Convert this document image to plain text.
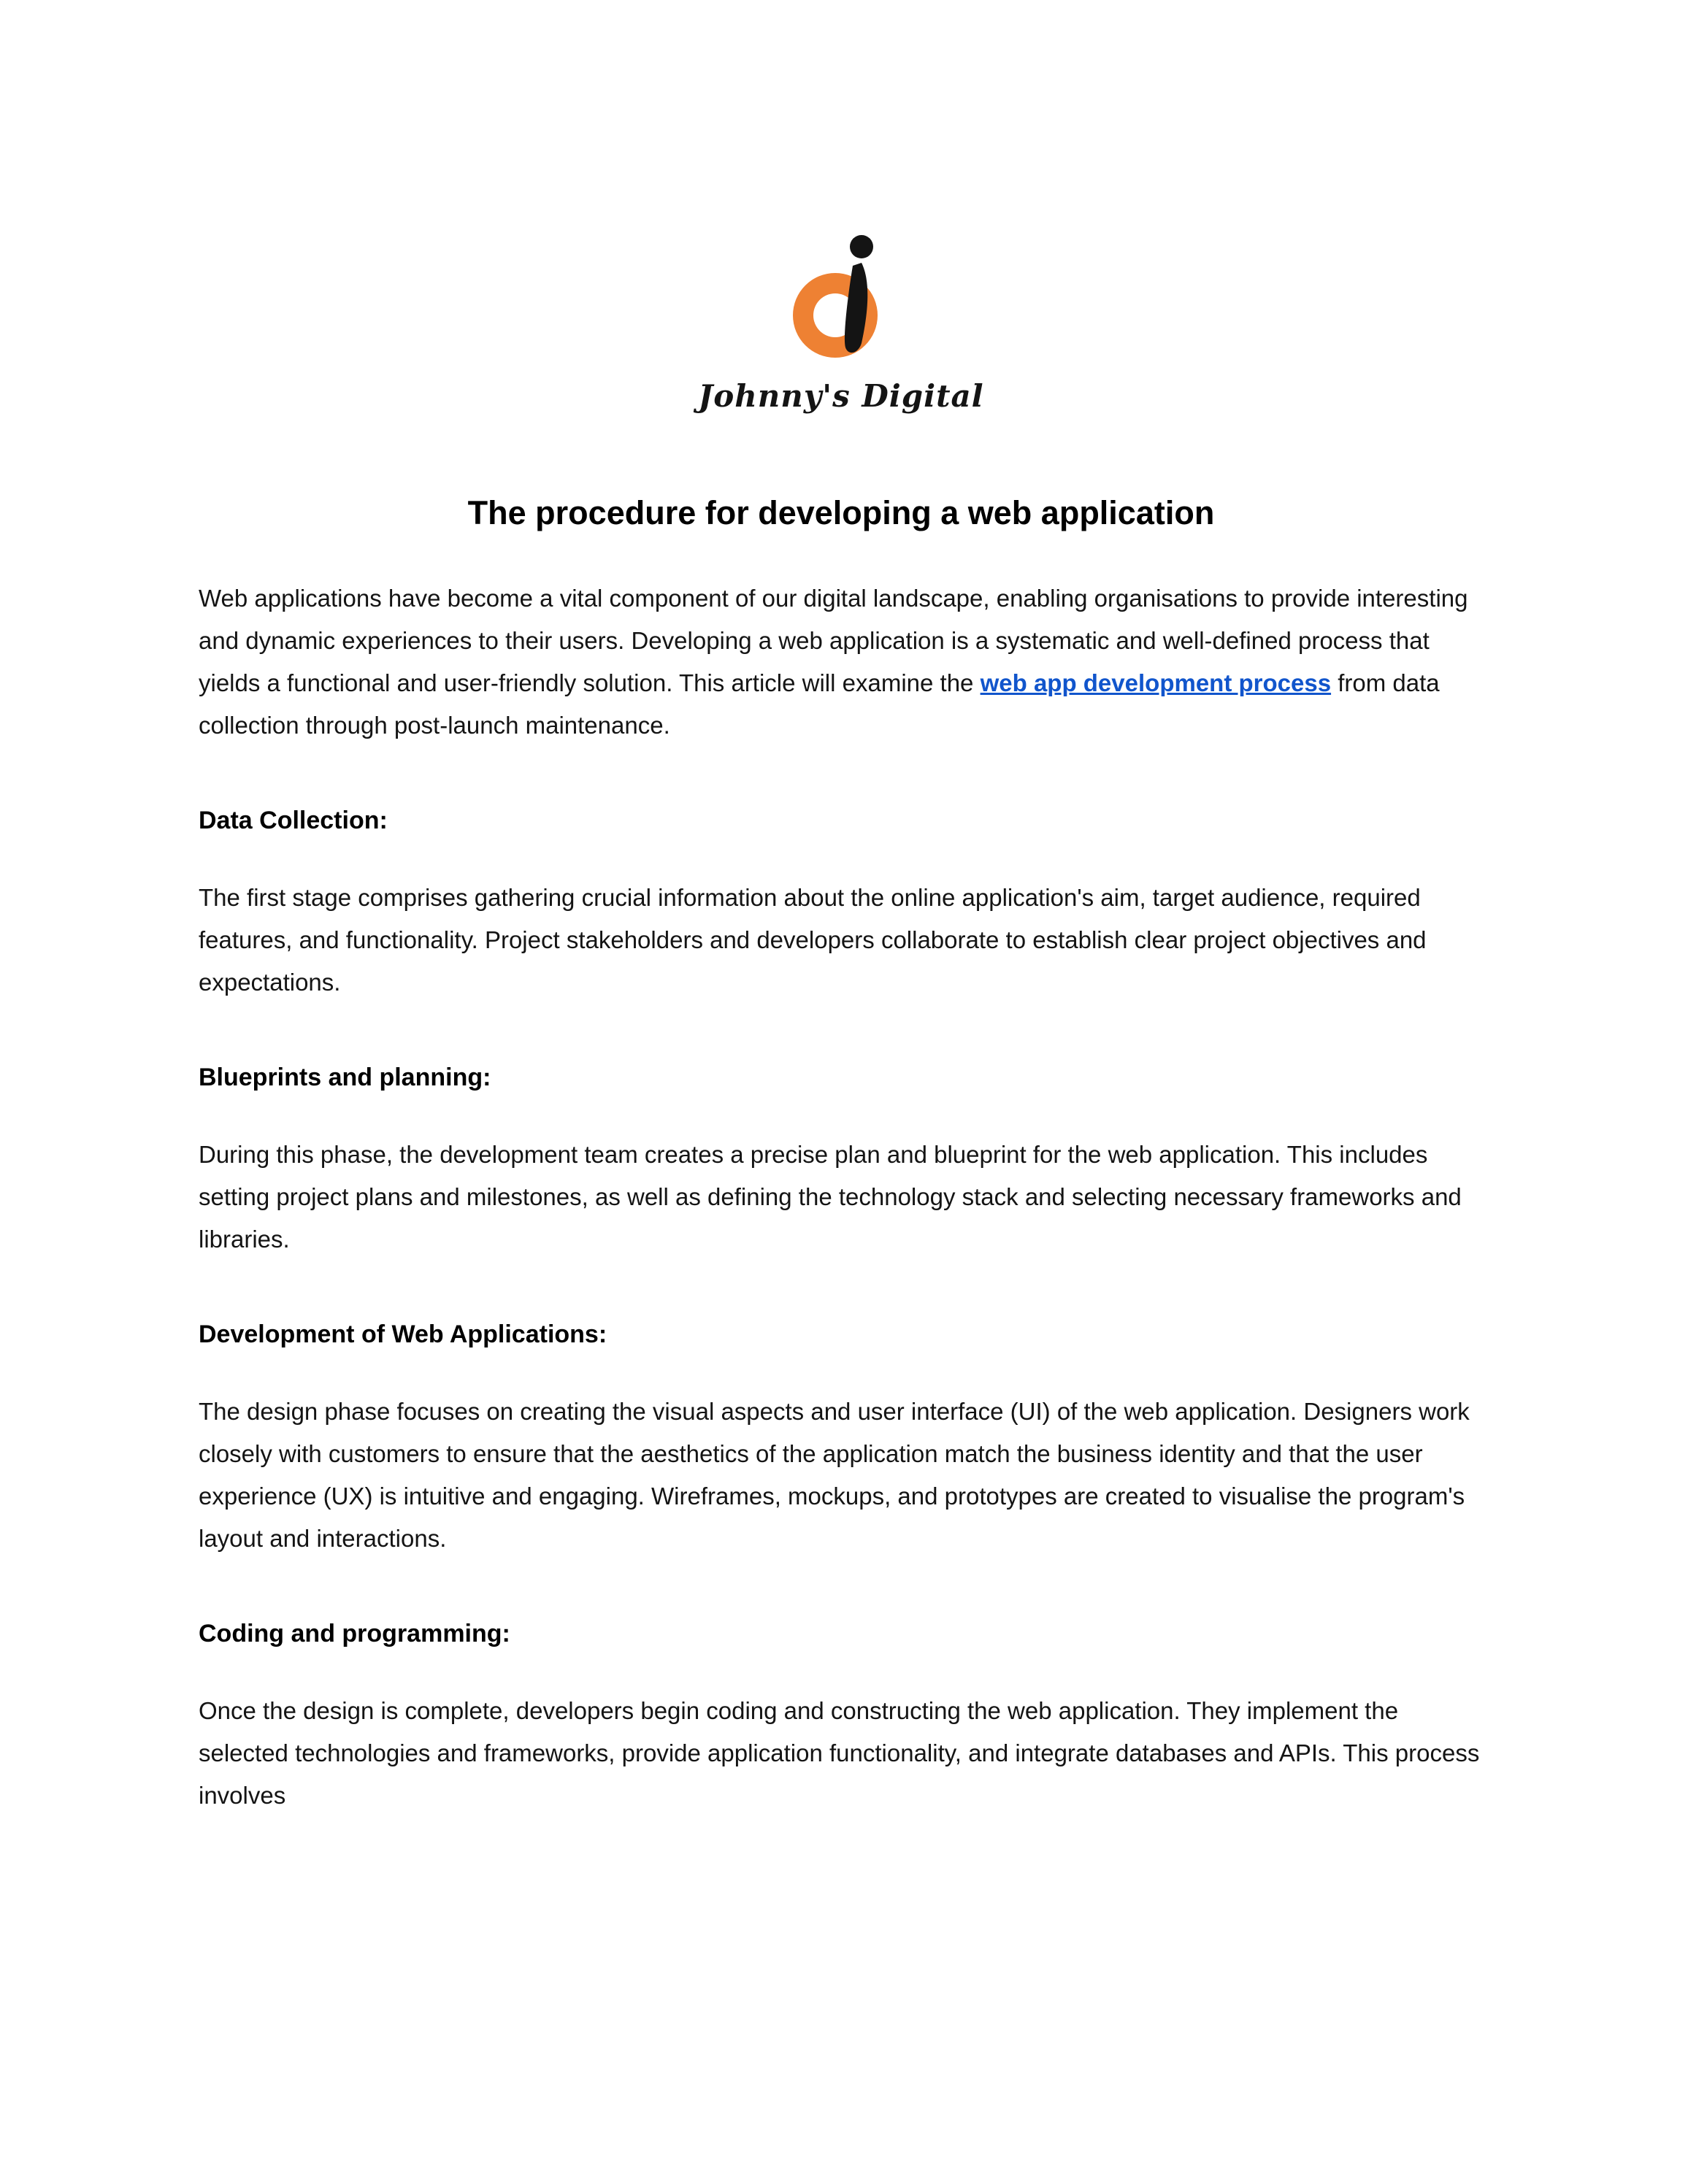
Johnny's Digital
The procedure for developing a web application

Web applications have become a vital component of our digital landscape, enabling organisations to provide interesting and dynamic experiences to their users. Developing a web application is a systematic and well-defined process that yields a functional and user-friendly solution. This article will examine the web app development process from data collection through post-launch maintenance.

Data Collection:

The first stage comprises gathering crucial information about the online application's aim, target audience, required features, and functionality. Project stakeholders and developers collaborate to establish clear project objectives and expectations.

Blueprints and planning:

During this phase, the development team creates a precise plan and blueprint for the web application. This includes setting project plans and milestones, as well as defining the technology stack and selecting necessary frameworks and libraries.

Development of Web Applications:

The design phase focuses on creating the visual aspects and user interface (UI) of the web application. Designers work closely with customers to ensure that the aesthetics of the application match the business identity and that the user experience (UX) is intuitive and engaging. Wireframes, mockups, and prototypes are created to visualise the program's layout and interactions.

Coding and programming:

Once the design is complete, developers begin coding and constructing the web application. They implement the selected technologies and frameworks, provide application functionality, and integrate databases and APIs. This process involves
